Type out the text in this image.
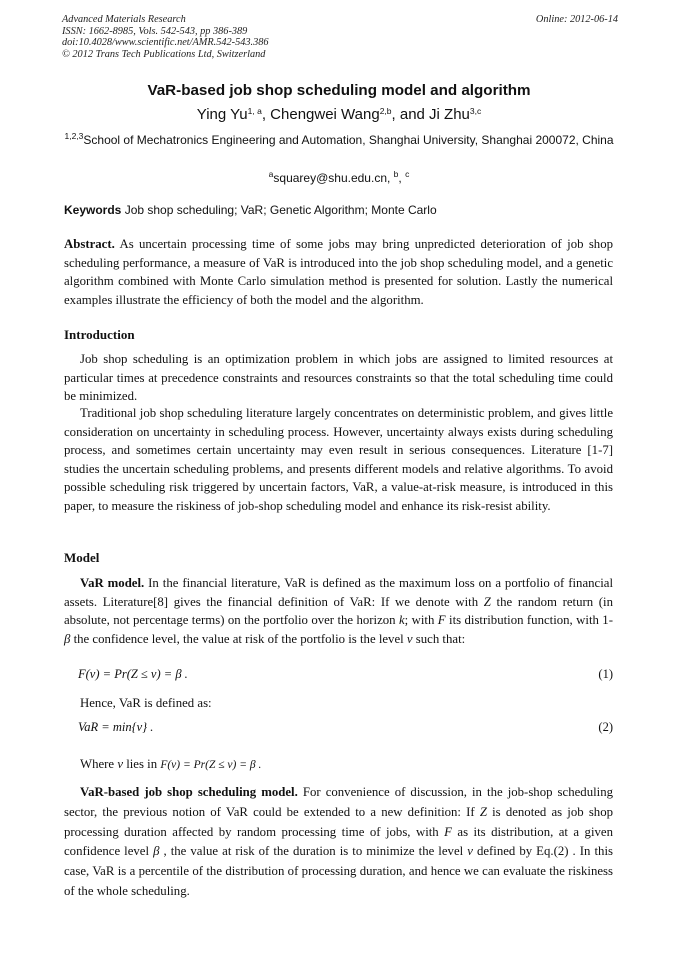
Advanced Materials Research
ISSN: 1662-8985, Vols. 542-543, pp 386-389
doi:10.4028/www.scientific.net/AMR.542-543.386
© 2012 Trans Tech Publications Ltd, Switzerland
Online: 2012-06-14
VaR-based job shop scheduling model and algorithm
Ying Yu$^{1, a}$, Chengwei Wang$^{2,b}$, and Ji Zhu$^{3,c}$
$^{1,2,3}$School of Mechatronics Engineering and Automation, Shanghai University, Shanghai 200072, China
$^a$squarey@shu.edu.cn, $^b$, $^c$
Keywords Job shop scheduling; VaR; Genetic Algorithm; Monte Carlo
Abstract. As uncertain processing time of some jobs may bring unpredicted deterioration of job shop scheduling performance, a measure of VaR is introduced into the job shop scheduling model, and a genetic algorithm combined with Monte Carlo simulation method is presented for solution. Lastly the numerical examples illustrate the efficiency of both the model and the algorithm.
Introduction
Job shop scheduling is an optimization problem in which jobs are assigned to limited resources at particular times at precedence constraints and resources constraints so that the total scheduling time could be minimized.
Traditional job shop scheduling literature largely concentrates on deterministic problem, and gives little consideration on uncertainty in scheduling process. However, uncertainty always exists during scheduling process, and sometimes certain uncertainty may even result in serious consequences. Literature [1-7] studies the uncertain scheduling problems, and presents different models and relative algorithms. To avoid possible scheduling risk triggered by uncertain factors, VaR, a value-at-risk measure, is introduced in this paper, to measure the riskiness of job-shop scheduling model and enhance its risk-resist ability.
Model
VaR model. In the financial literature, VaR is defined as the maximum loss on a portfolio of financial assets. Literature[8] gives the financial definition of VaR: If we denote with Z the random return (in absolute, not percentage terms) on the portfolio over the horizon k; with F its distribution function, with 1- β the confidence level, the value at risk of the portfolio is the level v such that:
F(v) = Pr(Z ≤ v) = β .	(1)
Hence, VaR is defined as:
VaR = min{v} .	(2)
Where v lies in F(v) = Pr(Z ≤ v) = β .
VaR-based job shop scheduling model. For convenience of discussion, in the job-shop scheduling sector, the previous notion of VaR could be extended to a new definition: If Z is denoted as job shop processing duration affected by random processing time of jobs, with F as its distribution, at a given confidence level β , the value at risk of the duration is to minimize the level v defined by Eq.(2) . In this case, VaR is a percentile of the distribution of processing duration, and hence we can evaluate the riskiness of the whole scheduling.
